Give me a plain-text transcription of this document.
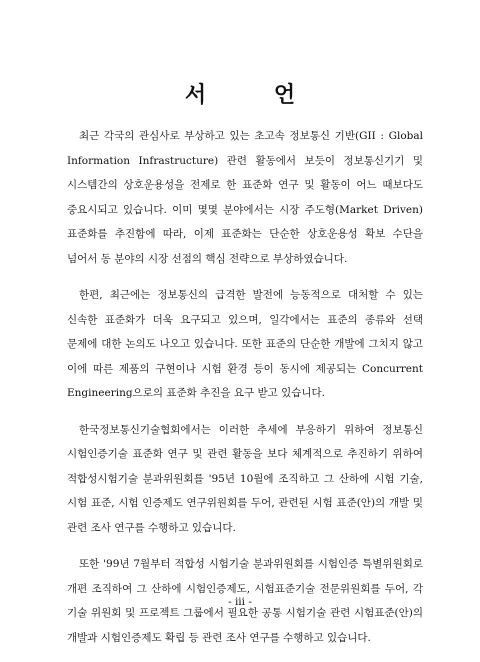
서 언

최근 각국의 관심사로 부상하고 있는 초고속 정보통신 기반(GII : Global Information Infrastructure) 관련 활동에서 보듯이 정보통신기기 및 시스템간의 상호운용성을 전제로 한 표준화 연구 및 활동이 어느 때보다도 중요시되고 있습니다. 이미 몇몇 분야에서는 시장 주도형(Market Driven) 표준화를 추진함에 따라, 이제 표준화는 단순한 상호운용성 확보 수단을 넘어서 동 분야의 시장 선점의 핵심 전략으로 부상하였습니다.

한편, 최근에는 정보통신의 급격한 발전에 능동적으로 대처할 수 있는 신속한 표준화가 더욱 요구되고 있으며, 일각에서는 표준의 종류와 선택 문제에 대한 논의도 나오고 있습니다. 또한 표준의 단순한 개발에 그치지 않고 이에 따른 제품의 구현이나 시험 환경 등이 동시에 제공되는 Concurrent Engineering으로의 표준화 추진을 요구 받고 있습니다.

한국정보통신기술협회에서는 이러한 추세에 부응하기 위하여 정보통신 시험인증기술 표준화 연구 및 관련 활동을 보다 체계적으로 추진하기 위하여 적합성시험기술 분과위원회를 '95년 10월에 조직하고 그 산하에 시험 기술, 시험 표준, 시험 인증제도 연구위원회를 두어, 관련된 시험 표준(안)의 개발 및 관련 조사 연구를 수행하고 있습니다.

또한 '99년 7월부터 적합성 시험기술 분과위원회를 시험인증 특별위원회로 개편 조직하여 그 산하에 시험인증제도, 시험표준기술 전문위원회를 두어, 각 기술 위원회 및 프로젝트 그룹에서 필요한 공통 시험기술 관련 시험표준(안)의 개발과 시험인증제도 확립 등 관련 조사 연구를 수행하고 있습니다.

- iii -
